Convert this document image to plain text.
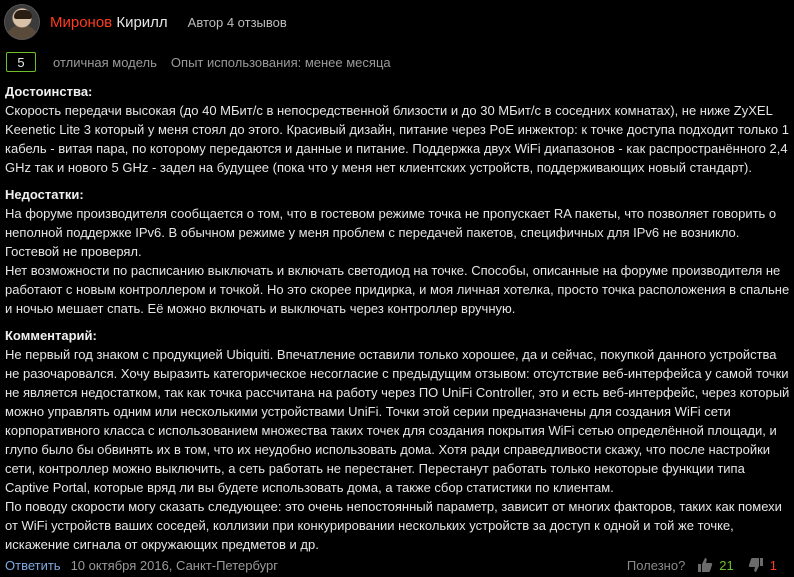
Миронов Кирилл Автор 4 отзывов
5	отличная модель Опыт использования: менее месяца

Достоинства:

Скорость передачи высокая (до 40 МБит/с в непосредственной близости и до 30 МБит/с в соседних комнатах), не ниже ZyXEL Keenetic Lite 3 который у меня стоял до этого. Красивый дизайн, питание через PoE инжектор: к точке доступа подходит только 1 кабель - витая пара, по которому передаются и данные и питание. Поддержка двух WiFi диапазонов - как распространённого 2,4 GHz так и нового 5 GHz - задел на будущее (пока что у меня нет клиентских устройств, поддерживающих новый стандарт).

Недостатки:

На форуме производителя сообщается о том, что в гостевом режиме точка не пропускает RA пакеты, что позволяет говорить о неполной поддержке IPv6. В обычном режиме у меня проблем с передачей пакетов, специфичных для IPv6 не возникло. Гостевой не проверял.

Нет возможности по расписанию выключать и включать светодиод на точке. Способы, описанные на форуме производителя не работают с новым контроллером и точкой. Но это скорее придирка, и моя личная хотелка, просто точка расположения в спальне и ночью мешает спать. Её можно включать и выключать через контроллер вручную.

Комментарий:

Не первый год знаком с продукцией Ubiquiti. Впечатление оставили только хорошее, да и сейчас, покупкой данного устройства не разочаровался. Хочу выразить категорическое несогласие с предыдущим отзывом: отсутствие веб-интерфейса у самой точки не является недостатком, так как точка рассчитана на работу через ПО UniFi Controller, это и есть веб-интерфейс, через который можно управлять одним или несколькими устройствами UniFi. Точки этой серии предназначены для создания WiFi сети корпоративного класса с использованием множества таких точек для создания покрытия WiFi сетью определённой площади, и глупо было бы обвинять их в том, что их неудобно использовать дома. Хотя ради справедливости скажу, что после настройки сети, контроллер можно выключить, а сеть работать не перестанет. Перестанут работать только некоторые функции типа Captive Portal, которые вряд ли вы будете использовать дома, а также сбор статистики по клиентам.

По поводу скорости могу сказать следующее: это очень непостоянный параметр, зависит от многих факторов, таких как помехи от WiFi устройств ваших соседей, коллизии при конкурировании нескольких устройств за доступ к одной и той же точке, искажение сигнала от окружающих предметов и др.

Ответить 10 октября 2016, Санкт-Петербург	Полезно?	21	1
